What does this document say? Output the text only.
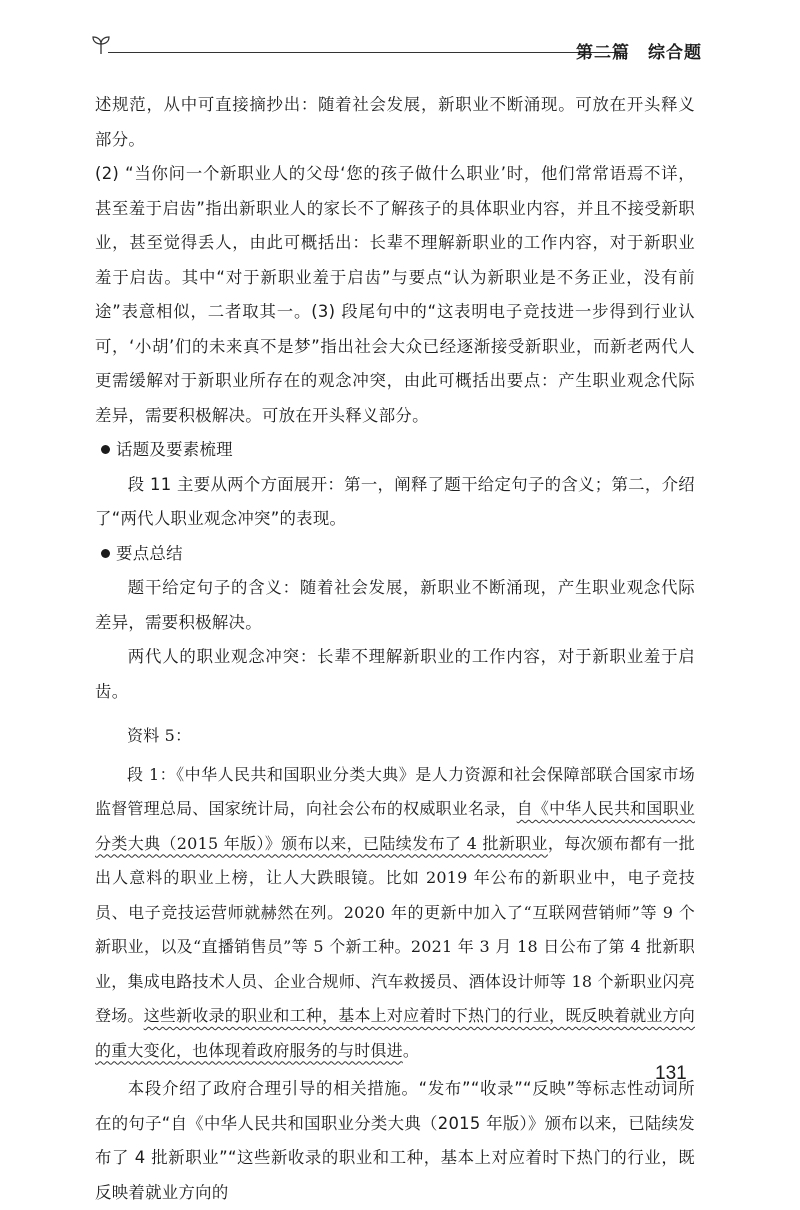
第二篇　综合题

述规范，从中可直接摘抄出：随着社会发展，新职业不断涌现。可放在开头释义部分。

(2) “当你问一个新职业人的父母‘您的孩子做什么职业’时，他们常常语焉不详，甚至羞于启齿”指出新职业人的家长不了解孩子的具体职业内容，并且不接受新职业，甚至觉得丢人，由此可概括出：长辈不理解新职业的工作内容，对于新职业羞于启齿。其中“对于新职业羞于启齿”与要点“认为新职业是不务正业，没有前途”表意相似，二者取其一。(3) 段尾句中的“这表明电子竞技进一步得到行业认可，‘小胡’们的未来真不是梦”指出社会大众已经逐渐接受新职业，而新老两代人更需缓解对于新职业所存在的观念冲突，由此可概括出要点：产生职业观念代际差异，需要积极解决。可放在开头释义部分。

话题及要素梳理

段 11 主要从两个方面展开：第一，阐释了题干给定句子的含义；第二，介绍了“两代人职业观念冲突”的表现。

要点总结

题干给定句子的含义：随着社会发展，新职业不断涌现，产生职业观念代际差异，需要积极解决。

两代人的职业观念冲突：长辈不理解新职业的工作内容，对于新职业羞于启齿。

资料 5：

段 1：《中华人民共和国职业分类大典》是人力资源和社会保障部联合国家市场监督管理总局、国家统计局，向社会公布的权威职业名录，自《中华人民共和国职业分类大典（2015 年版）》颁布以来，已陆续发布了 4 批新职业，每次颁布都有一批出人意料的职业上榜，让人大跌眼镜。比如 2019 年公布的新职业中，电子竞技员、电子竞技运营师就赫然在列。2020 年的更新中加入了“互联网营销师”等 9 个新职业，以及“直播销售员”等 5 个新工种。2021 年 3 月 18 日公布了第 4 批新职业，集成电路技术人员、企业合规师、汽车救援员、酒体设计师等 18 个新职业闪亮登场。这些新收录的职业和工种，基本上对应着时下热门的行业，既反映着就业方向的重大变化，也体现着政府服务的与时俱进。

本段介绍了政府合理引导的相关措施。“发布”“收录”“反映”等标志性动词所在的句子“自《中华人民共和国职业分类大典（2015 年版）》颁布以来，已陆续发布了 4 批新职业”“这些新收录的职业和工种，基本上对应着时下热门的行业，既反映着就业方向的

131
